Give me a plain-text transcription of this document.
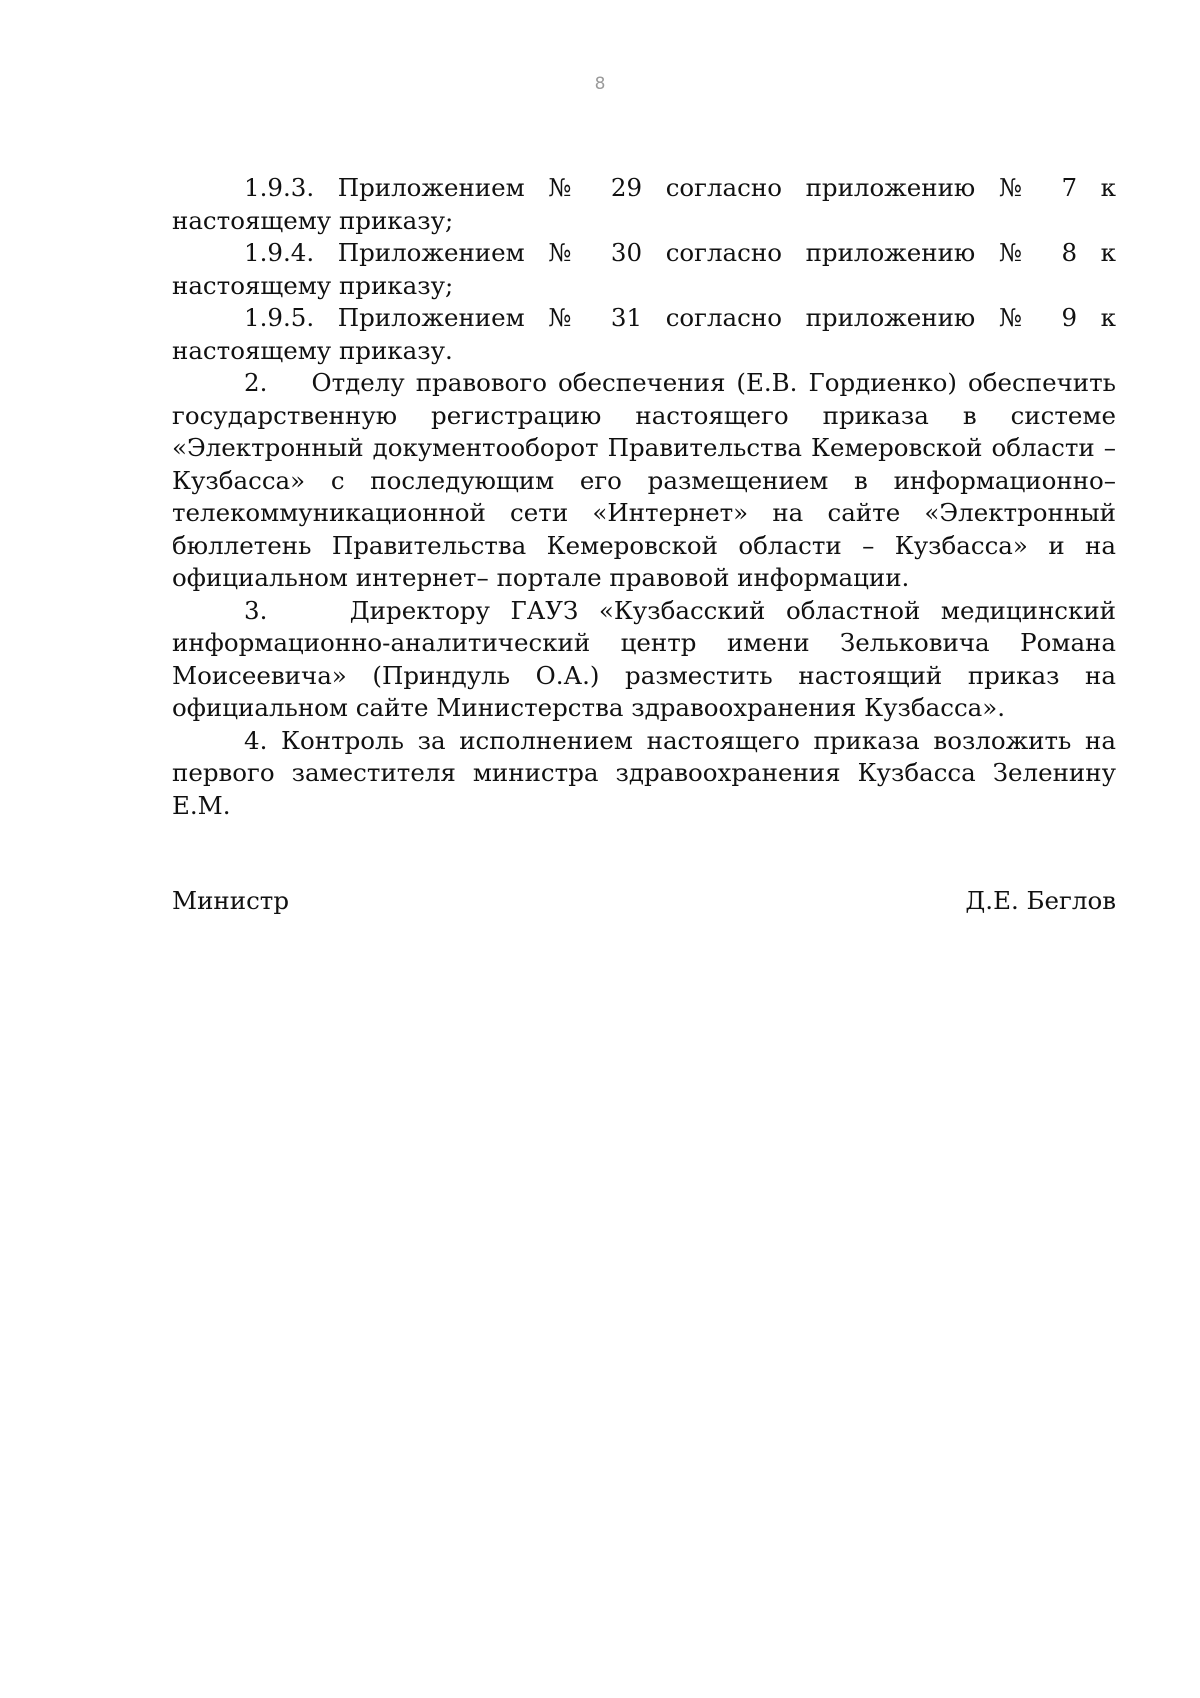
8

1.9.3. Приложением № 29 согласно приложению № 7 к настоящему приказу;

1.9.4. Приложением № 30 согласно приложению № 8 к настоящему приказу;

1.9.5. Приложением № 31 согласно приложению № 9 к настоящему приказу.

2.    Отделу правового обеспечения (Е.В. Гордиенко) обеспечить государственную регистрацию настоящего приказа в системе «Электронный документооборот Правительства Кемеровской области – Кузбасса» с последующим его размещением в информационно– телекоммуникационной сети «Интернет» на сайте «Электронный бюллетень Правительства Кемеровской области – Кузбасса» и на официальном интернет– портале правовой информации.

3.    Директору ГАУЗ «Кузбасский областной медицинский информационно-аналитический центр имени Зельковича Романа Моисеевича» (Приндуль О.А.) разместить настоящий приказ на официальном сайте Министерства здравоохранения Кузбасса».

4. Контроль за исполнением настоящего приказа возложить на первого заместителя министра здравоохранения Кузбасса Зеленину Е.М.

Министр	Д.Е. Беглов
